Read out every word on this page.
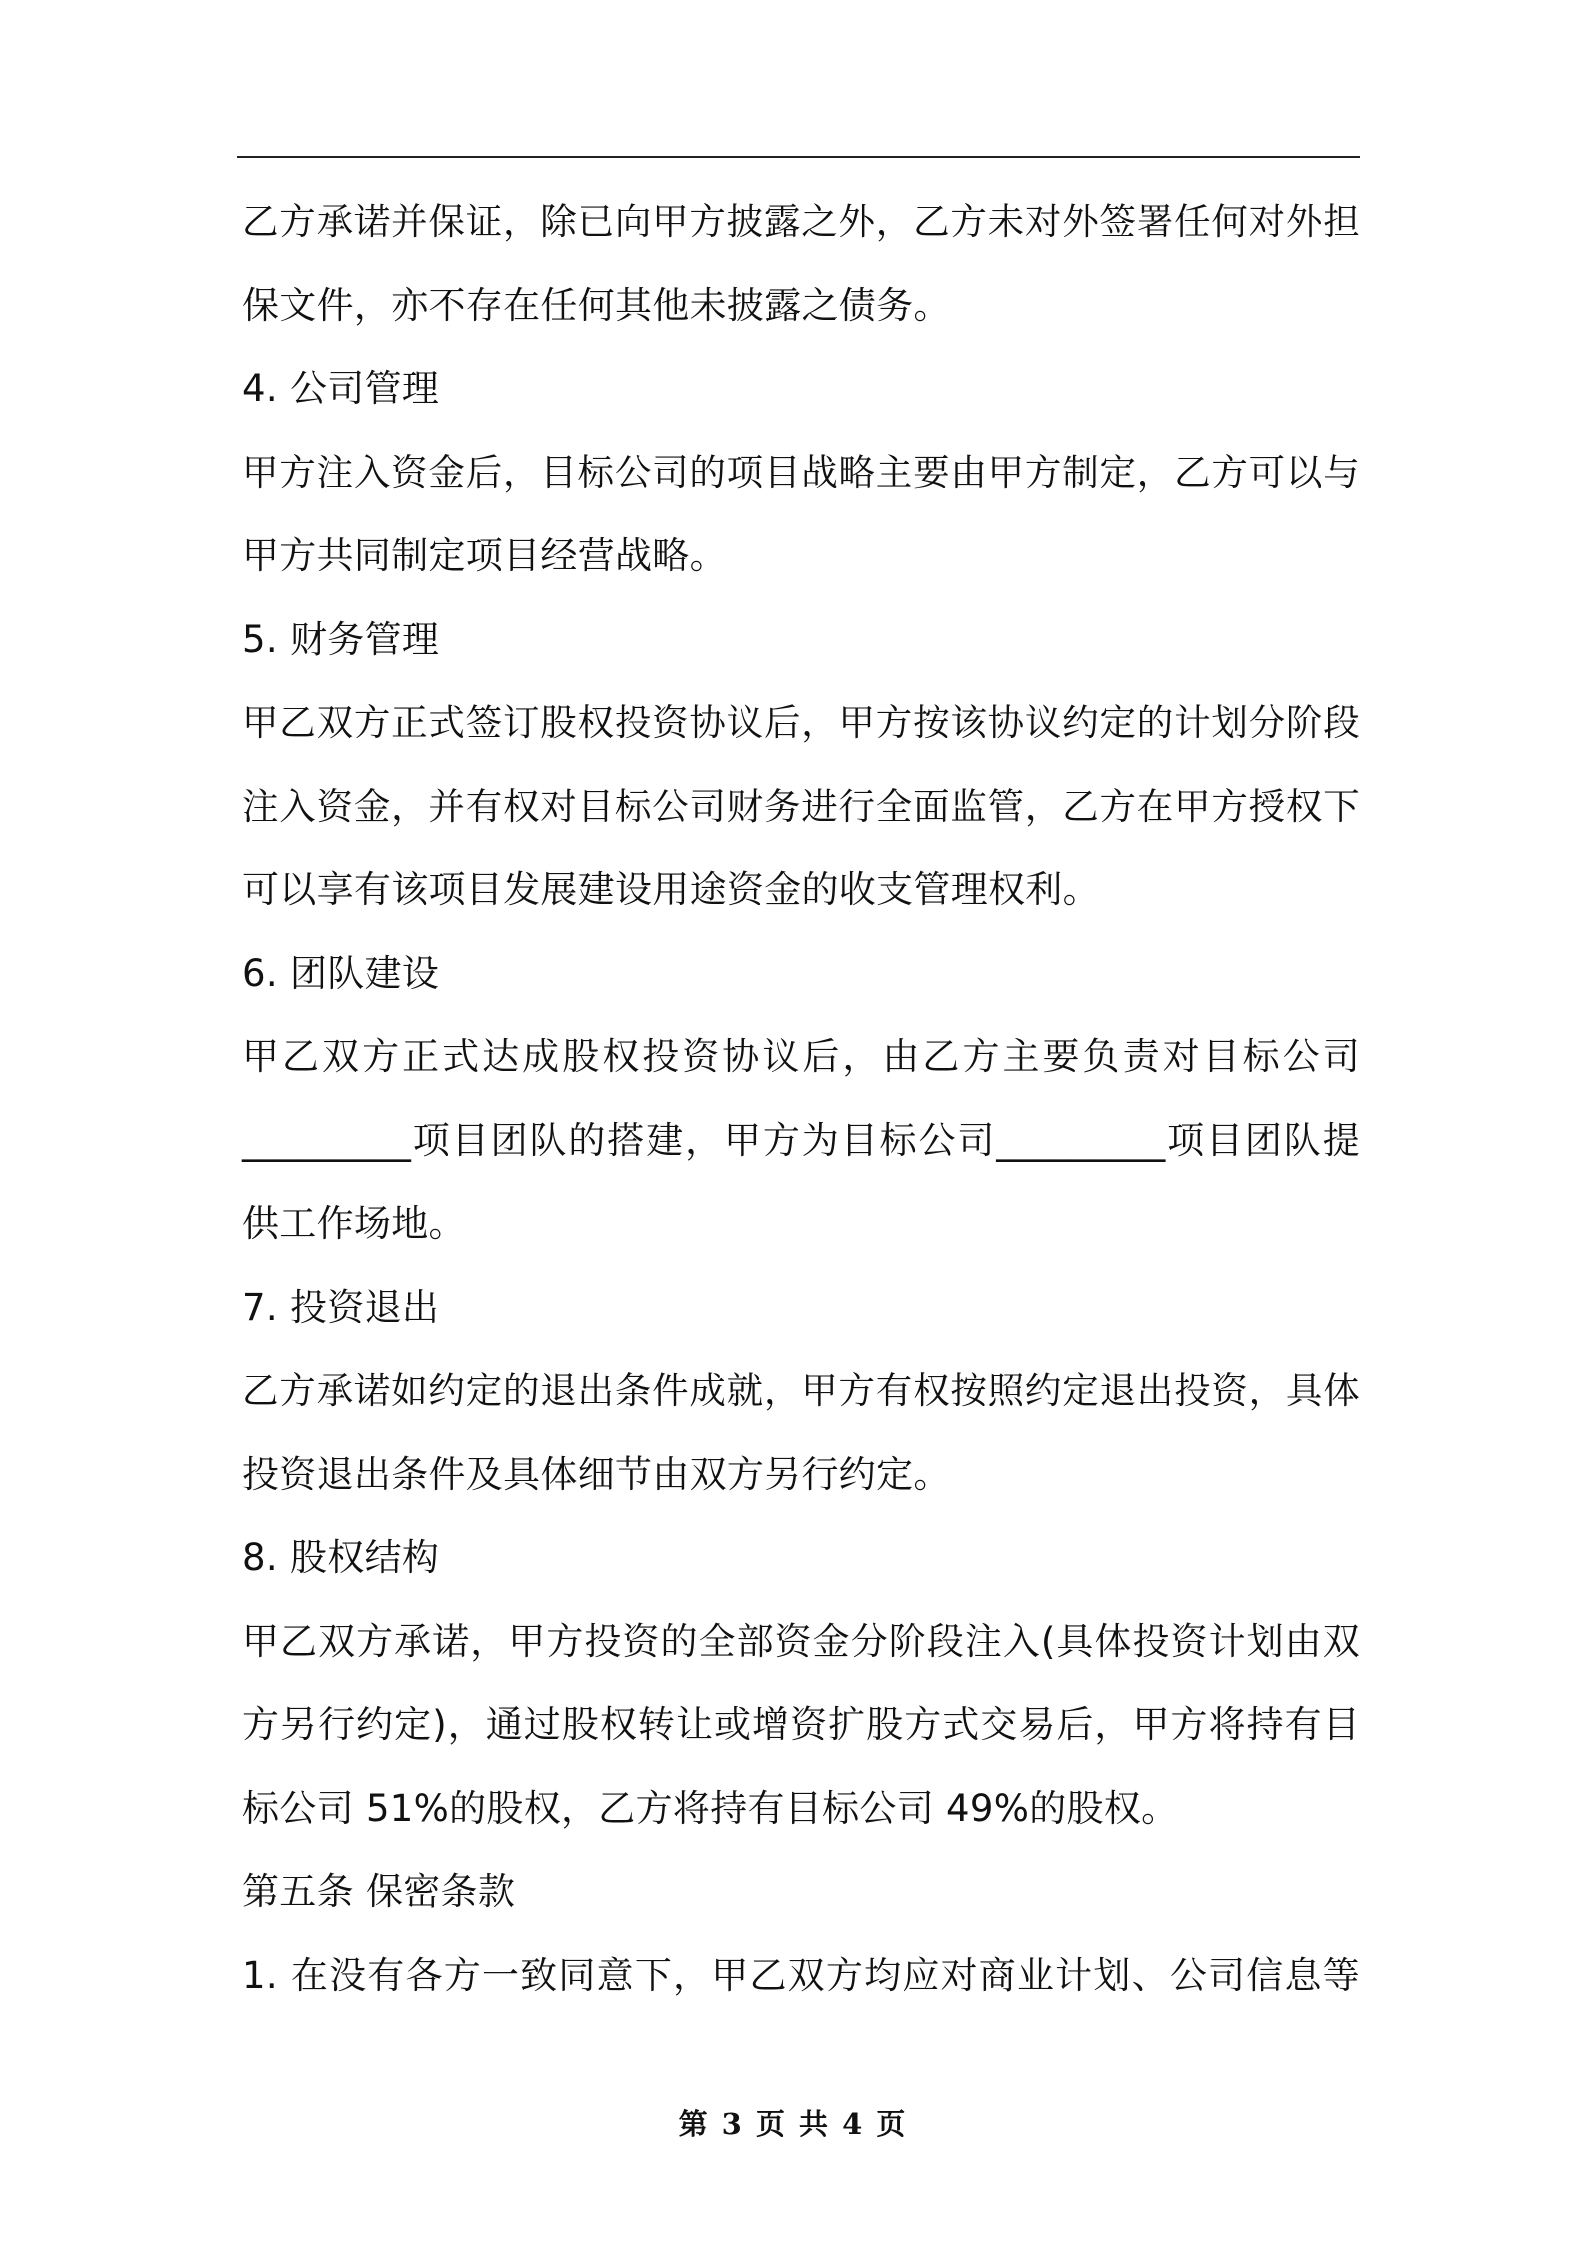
乙方承诺并保证，除已向甲方披露之外，乙方未对外签署任何对外担
保文件，亦不存在任何其他未披露之债务。
4. 公司管理
甲方注入资金后，目标公司的项目战略主要由甲方制定，乙方可以与
甲方共同制定项目经营战略。
5. 财务管理
甲乙双方正式签订股权投资协议后，甲方按该协议约定的计划分阶段
注入资金，并有权对目标公司财务进行全面监管，乙方在甲方授权下
可以享有该项目发展建设用途资金的收支管理权利。
6. 团队建设
甲乙双方正式达成股权投资协议后，由乙方主要负责对目标公司
_________项目团队的搭建，甲方为目标公司_________项目团队提
供工作场地。
7. 投资退出
乙方承诺如约定的退出条件成就，甲方有权按照约定退出投资，具体
投资退出条件及具体细节由双方另行约定。
8. 股权结构
甲乙双方承诺，甲方投资的全部资金分阶段注入(具体投资计划由双
方另行约定)，通过股权转让或增资扩股方式交易后，甲方将持有目
标公司 51%的股权，乙方将持有目标公司 49%的股权。
第五条 保密条款
1. 在没有各方一致同意下，甲乙双方均应对商业计划、公司信息等
第 3 页 共 4 页
